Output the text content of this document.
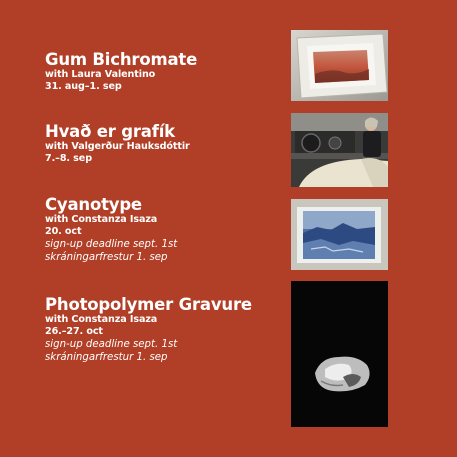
Gum Bichromate
with Laura Valentino
31. aug–1. sep
Hvað er grafík
with Valgerður Hauksdóttir
7.–8. sep
Cyanotype
with Constanza Isaza
20. oct
sign-up deadline sept. 1st
skráningarfrestur 1. sep
Photopolymer Gravure
with Constanza Isaza
26.–27. oct
sign-up deadline sept. 1st
skráningarfrestur 1. sep
